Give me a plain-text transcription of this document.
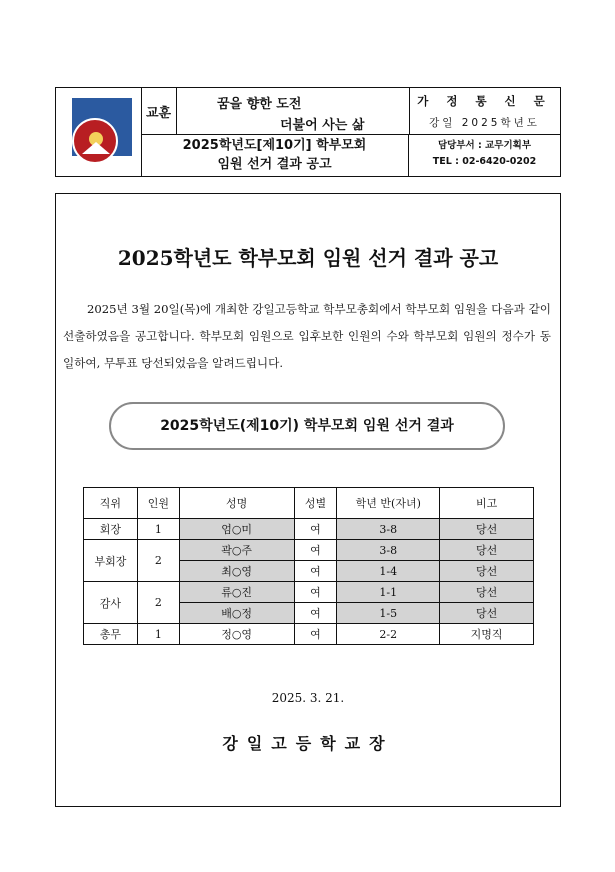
교훈
꿈을 향한 도전
더불어 사는 삶
2025학년도[제10기] 학부모회
임원 선거 결과 공고
가 정 통 신 문
강일 2025학년도
담당부서 : 교무기획부
TEL : 02-6420-0202
2025학년도 학부모회 임원 선거 결과 공고
2025년 3월 20일(목)에 개최한 강일고등학교 학부모총회에서 학부모회 임원을 다음과 같이 선출하였음을 공고합니다. 학부모회 임원으로 입후보한 인원의 수와 학부모회 임원의 정수가 동일하여, 무투표 당선되었음을 알려드립니다.
2025학년도(제10기) 학부모회 임원 선거 결과
직위	인원	성명	성별	학년 반(자녀)	비고
회장	1	엄○미	여	3-8	당선
부회장	2	곽○주	여	3-8	당선
		최○영	여	1-4	당선
감사	2	류○진	여	1-1	당선
		배○정	여	1-5	당선
총무	1	정○영	여	2-2	지명직
2025. 3. 21.
강일고등학교장
